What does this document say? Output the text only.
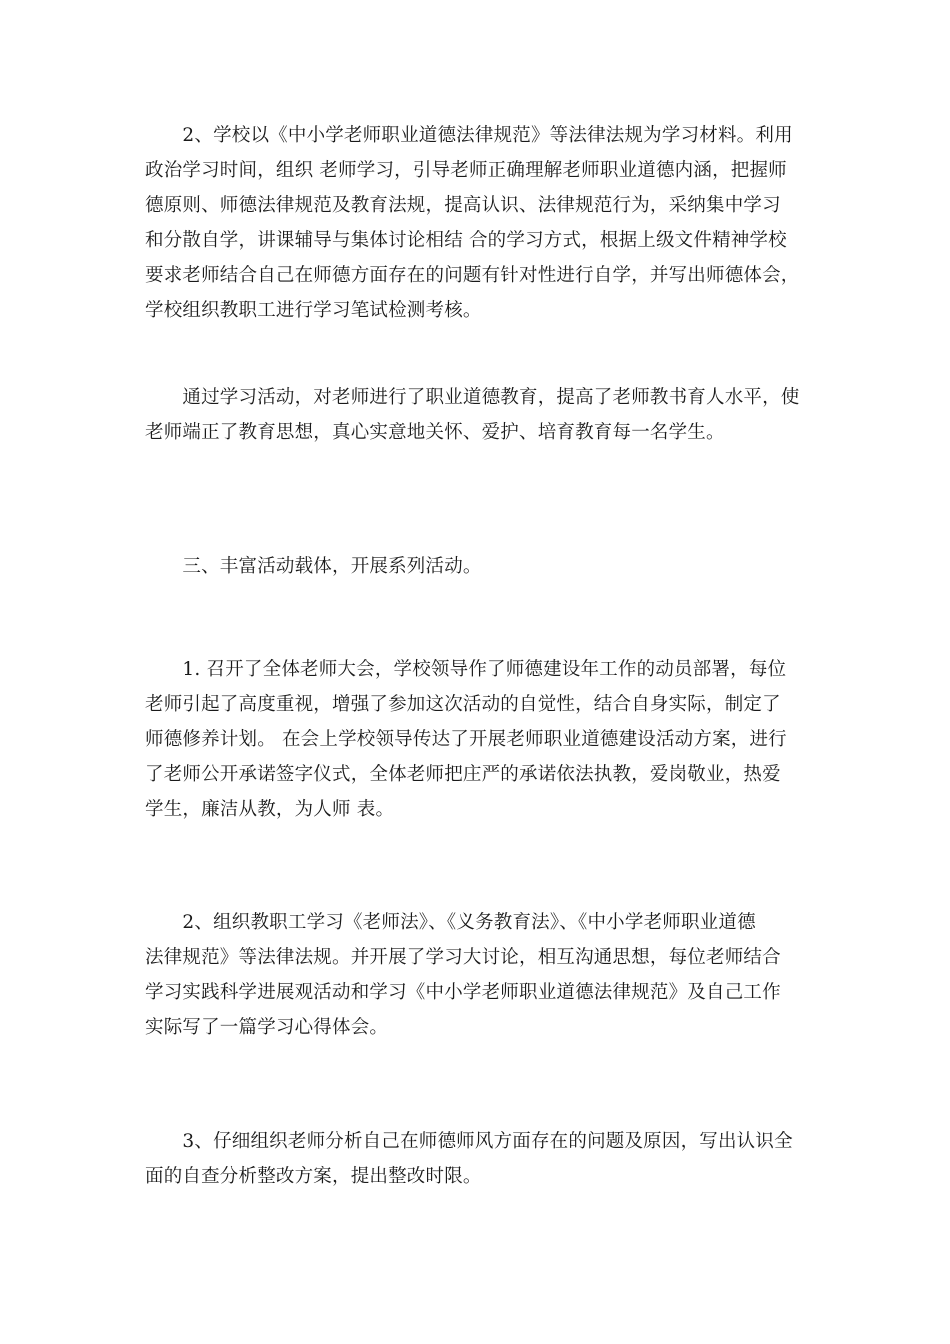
　　2、学校以《中小学老师职业道德法律规范》等法律法规为学习材料。利用
政治学习时间，组织 老师学习，引导老师正确理解老师职业道德内涵，把握师
德原则、师德法律规范及教育法规，提高认识、法律规范行为，采纳集中学习
和分散自学，讲课辅导与集体讨论相结 合的学习方式，根据上级文件精神学校
要求老师结合自己在师德方面存在的问题有针对性进行自学，并写出师德体会，
学校组织教职工进行学习笔试检测考核。

　　通过学习活动，对老师进行了职业道德教育，提高了老师教书育人水平，使
老师端正了教育思想，真心实意地关怀、爱护、培育教育每一名学生。

　　三、丰富活动载体，开展系列活动。

　　1. 召开了全体老师大会，学校领导作了师德建设年工作的动员部署，每位
老师引起了高度重视，增强了参加这次活动的自觉性，结合自身实际，制定了
师德修养计划。 在会上学校领导传达了开展老师职业道德建设活动方案，进行
了老师公开承诺签字仪式，全体老师把庄严的承诺依法执教，爱岗敬业，热爱
学生，廉洁从教，为人师 表。

　　2、组织教职工学习《老师法》、《义务教育法》、《中小学老师职业道德
法律规范》等法律法规。并开展了学习大讨论，相互沟通思想，每位老师结合
学习实践科学进展观活动和学习《中小学老师职业道德法律规范》及自己工作
实际写了一篇学习心得体会。

　　3、仔细组织老师分析自己在师德师风方面存在的问题及原因，写出认识全
面的自查分析整改方案，提出整改时限。
